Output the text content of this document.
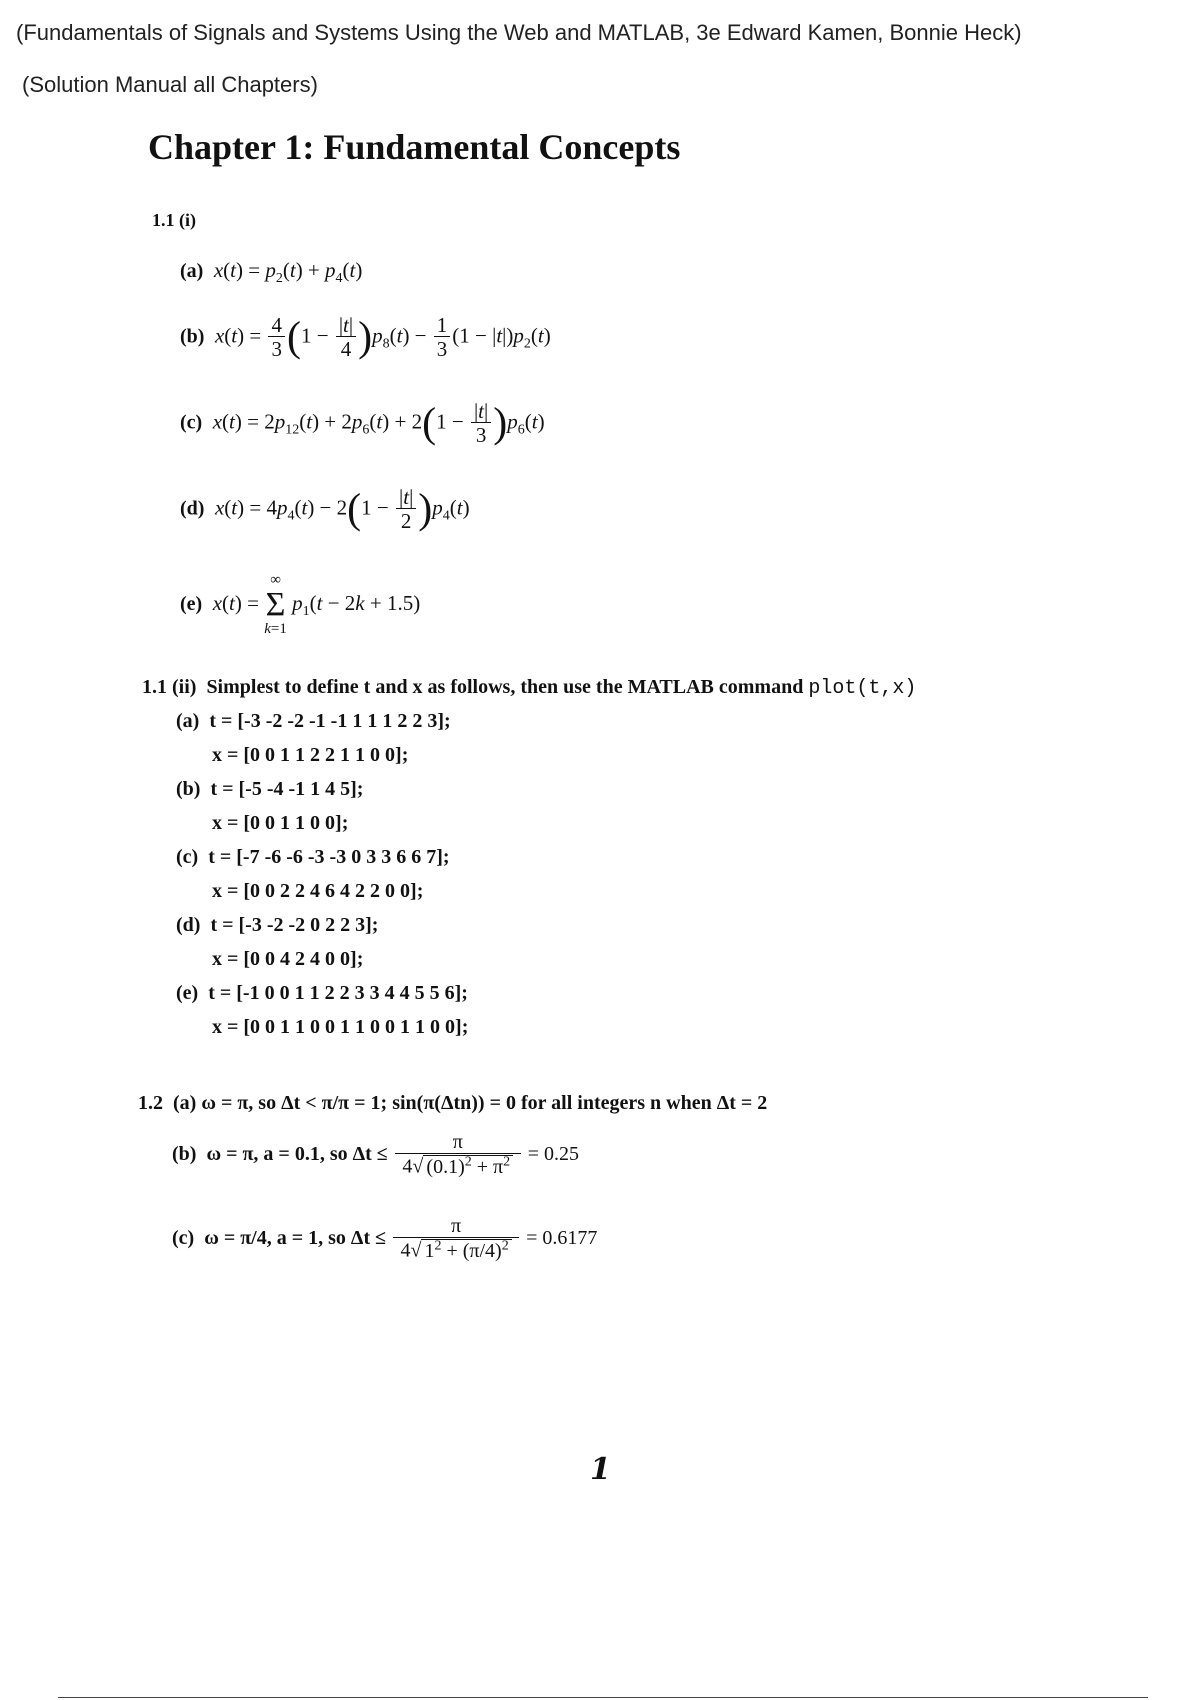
(Fundamentals of Signals and Systems Using the Web and MATLAB, 3e Edward Kamen, Bonnie Heck)
(Solution Manual all Chapters)
Chapter 1: Fundamental Concepts
1.1 (i)
(a) $x(t) = p_2(t) + p_4(t)$
(b) $x(t) = \frac{4}{3} (1 - \frac{|t|}{4} )p_8(t) - \frac{1}{3} (1 - |t|)p_2(t)$
(c) $x(t) = 2p_{12}(t) + 2p_6(t) + 2(1 - \frac{|t|}{3} )p_6(t)$
(d) $x(t) = 4p_4(t) - 2(1 - \frac{|t|}{2} )p_4(t)$
(e) x(t) =
∞
Σ
k=1
$p_1(t - 2k + 1.5)$
1.1 (ii) Simplest to define t and x as follows, then use the MATLAB command plot(t,x)
(a) t = [-3 -2 -2 -1 -1 1 1 1 2 2 3];
x = [0 0 1 1 2 2 1 1 0 0];
(b) t = [-5 -4 -1 1 4 5];
x = [0 0 1 1 0 0];
(c) t = [-7 -6 -6 -3 -3 0 3 3 6 6 7];
x = [0 0 2 2 4 6 4 2 2 0 0];
(d) t = [-3 -2 -2 0 2 2 3];
x = [0 0 4 2 4 0 0];
(e) t = [-1 0 0 1 1 2 2 3 3 4 4 5 5 6];
x = [0 0 1 1 0 0 1 1 0 0 1 1 0 0];
1.2 (a) ω = π, so Δt < π/π = 1; sin(π(Δtn)) = 0 for all integers n when Δt = 2
(b) ω = π, a = 0.1, so $\Delta t \le \frac{\pi}{4√ (0.1)^2 + \pi^2} = 0.25$
(c) ω = π/4, a = 1, so $\Delta t \le \frac{\pi}{4√ 1^2 + (\pi/4)^2} = 0.6177$
1
